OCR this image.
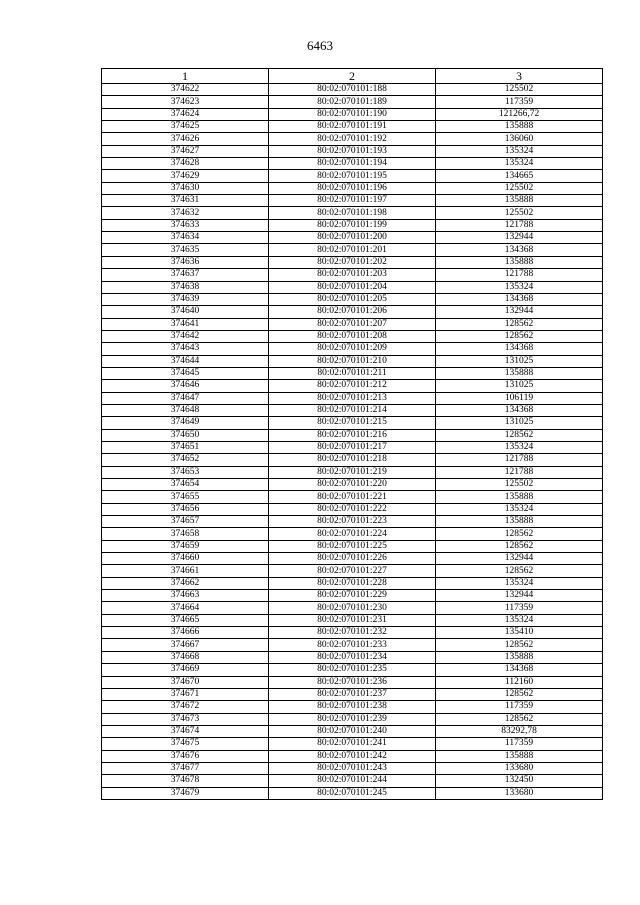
6463
1	2	3
374622	80:02:070101:188	125502
374623	80:02:070101:189	117359
374624	80:02:070101:190	121266,72
374625	80:02:070101:191	135888
374626	80:02:070101:192	136060
374627	80:02:070101:193	135324
374628	80:02:070101:194	135324
374629	80:02:070101:195	134665
374630	80:02:070101:196	125502
374631	80:02:070101:197	135888
374632	80:02:070101:198	125502
374633	80:02:070101:199	121788
374634	80:02:070101:200	132944
374635	80:02:070101:201	134368
374636	80:02:070101:202	135888
374637	80:02:070101:203	121788
374638	80:02:070101:204	135324
374639	80:02:070101:205	134368
374640	80:02:070101:206	132944
374641	80:02:070101:207	128562
374642	80:02:070101:208	128562
374643	80:02:070101:209	134368
374644	80:02:070101:210	131025
374645	80:02:070101:211	135888
374646	80:02:070101:212	131025
374647	80:02:070101:213	106119
374648	80:02:070101:214	134368
374649	80:02:070101:215	131025
374650	80:02:070101:216	128562
374651	80:02:070101:217	135324
374652	80:02:070101:218	121788
374653	80:02:070101:219	121788
374654	80:02:070101:220	125502
374655	80:02:070101:221	135888
374656	80:02:070101:222	135324
374657	80:02:070101:223	135888
374658	80:02:070101:224	128562
374659	80:02:070101:225	128562
374660	80:02:070101:226	132944
374661	80:02:070101:227	128562
374662	80:02:070101:228	135324
374663	80:02:070101:229	132944
374664	80:02:070101:230	117359
374665	80:02:070101:231	135324
374666	80:02:070101:232	135410
374667	80:02:070101:233	128562
374668	80:02:070101:234	135888
374669	80:02:070101:235	134368
374670	80:02:070101:236	112160
374671	80:02:070101:237	128562
374672	80:02:070101:238	117359
374673	80:02:070101:239	128562
374674	80:02:070101:240	83292,78
374675	80:02:070101:241	117359
374676	80:02:070101:242	135888
374677	80:02:070101:243	133680
374678	80:02:070101:244	132450
374679	80:02:070101:245	133680
